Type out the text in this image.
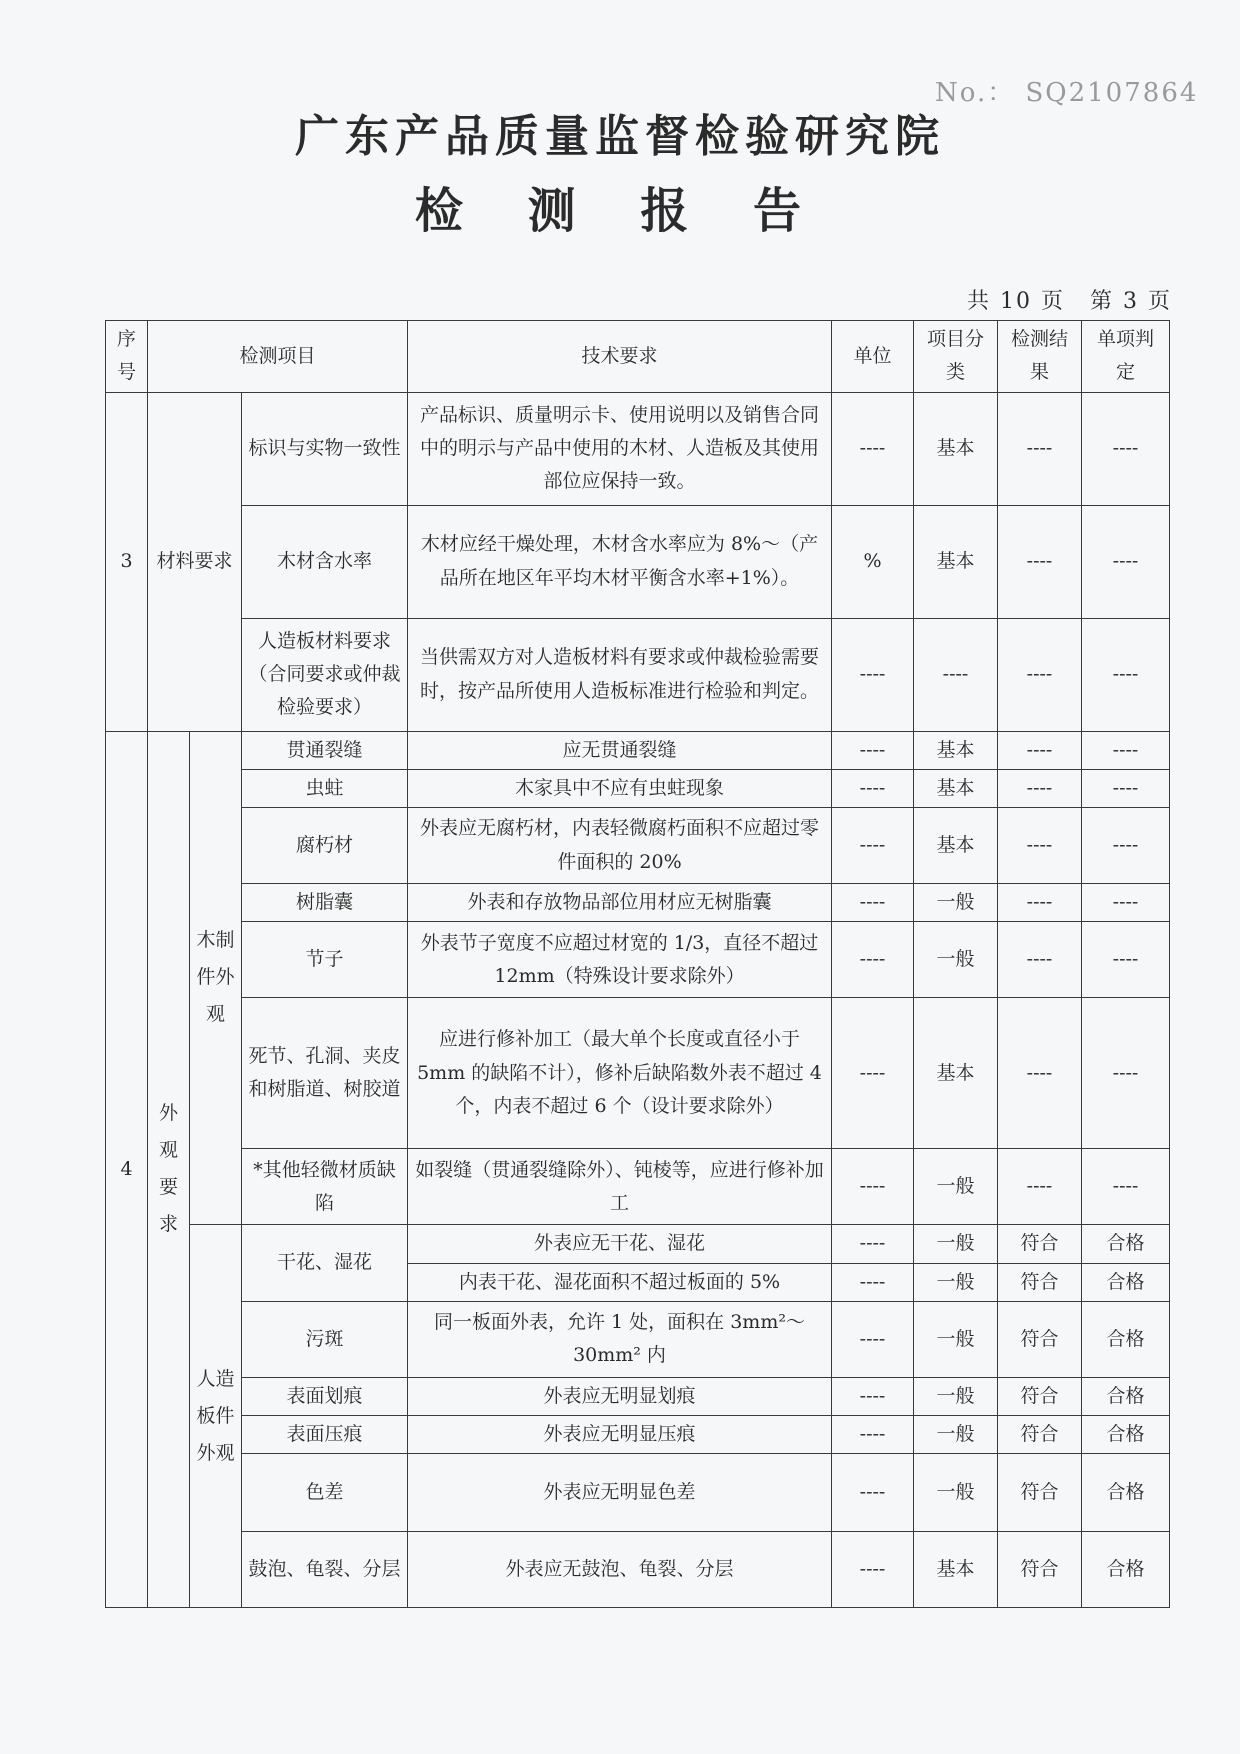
No.： SQ2107864
广东产品质量监督检验研究院
检 测 报 告
共 10 页 第 3 页
序号	检测项目			技术要求	单位	项目分类	检测结果	单项判定
3	材料要求		标识与实物一致性	产品标识、质量明示卡、使用说明以及销售合同中的明示与产品中使用的木材、人造板及其使用部位应保持一致。	----	基本	----	----
			木材含水率	木材应经干燥处理，木材含水率应为 8%～（产品所在地区年平均木材平衡含水率+1%）。	%	基本	----	----
			人造板材料要求（合同要求或仲裁检验要求）	当供需双方对人造板材料有要求或仲裁检验需要时，按产品所使用人造板标准进行检验和判定。	----	----	----	----
4	外观要求	木制件外观	贯通裂缝	应无贯通裂缝	----	基本	----	----
			虫蛀	木家具中不应有虫蛀现象	----	基本	----	----
			腐朽材	外表应无腐朽材，内表轻微腐朽面积不应超过零件面积的 20%	----	基本	----	----
			树脂囊	外表和存放物品部位用材应无树脂囊	----	一般	----	----
			节子	外表节子宽度不应超过材宽的 1/3，直径不超过 12mm（特殊设计要求除外）	----	一般	----	----
			死节、孔洞、夹皮和树脂道、树胶道	应进行修补加工（最大单个长度或直径小于 5mm 的缺陷不计），修补后缺陷数外表不超过 4 个，内表不超过 6 个（设计要求除外）	----	基本	----	----
			*其他轻微材质缺陷	如裂缝（贯通裂缝除外）、钝棱等，应进行修补加工	----	一般	----	----
		人造板件外观	干花、湿花	外表应无干花、湿花	----	一般	符合	合格
				内表干花、湿花面积不超过板面的 5%	----	一般	符合	合格
			污斑	同一板面外表，允许 1 处，面积在 3mm²～30mm² 内	----	一般	符合	合格
			表面划痕	外表应无明显划痕	----	一般	符合	合格
			表面压痕	外表应无明显压痕	----	一般	符合	合格
			色差	外表应无明显色差	----	一般	符合	合格
			鼓泡、龟裂、分层	外表应无鼓泡、龟裂、分层	----	基本	符合	合格
